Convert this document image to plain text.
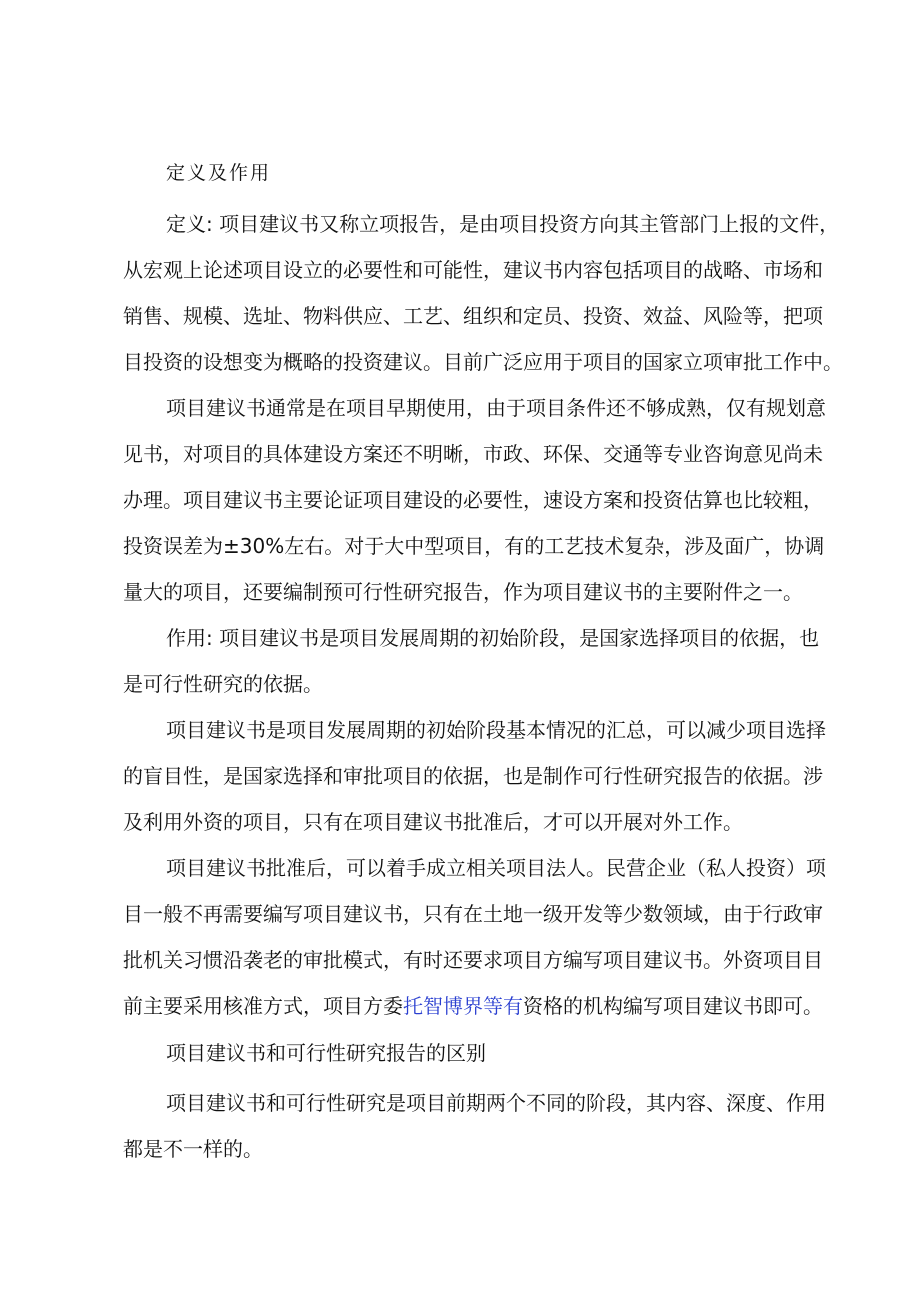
定义及作用
定义: 项目建议书又称立项报告，是由项目投资方向其主管部门上报的文件，
从宏观上论述项目设立的必要性和可能性，建议书内容包括项目的战略、市场和
销售、规模、选址、物料供应、工艺、组织和定员、投资、效益、风险等，把项
目投资的设想变为概略的投资建议。目前广泛应用于项目的国家立项审批工作中。
项目建议书通常是在项目早期使用，由于项目条件还不够成熟，仅有规划意
见书，对项目的具体建设方案还不明晰，市政、环保、交通等专业咨询意见尚未
办理。项目建议书主要论证项目建设的必要性，速设方案和投资估算也比较粗，
投资误差为±30%左右。对于大中型项目，有的工艺技术复杂，涉及面广，协调
量大的项目，还要编制预可行性研究报告，作为项目建议书的主要附件之一。
作用: 项目建议书是项目发展周期的初始阶段，是国家选择项目的依据，也
是可行性研究的依据。
项目建议书是项目发展周期的初始阶段基本情况的汇总，可以减少项目选择
的盲目性，是国家选择和审批项目的依据，也是制作可行性研究报告的依据。涉
及利用外资的项目，只有在项目建议书批准后，才可以开展对外工作。
项目建议书批准后，可以着手成立相关项目法人。民营企业（私人投资）项
目一般不再需要编写项目建议书，只有在土地一级开发等少数领域，由于行政审
批机关习惯沿袭老的审批模式，有时还要求项目方编写项目建议书。外资项目目
前主要采用核准方式，项目方委托智博界等有资格的机构编写项目建议书即可。
项目建议书和可行性研究报告的区别
项目建议书和可行性研究是项目前期两个不同的阶段，其内容、深度、作用
都是不一样的。
